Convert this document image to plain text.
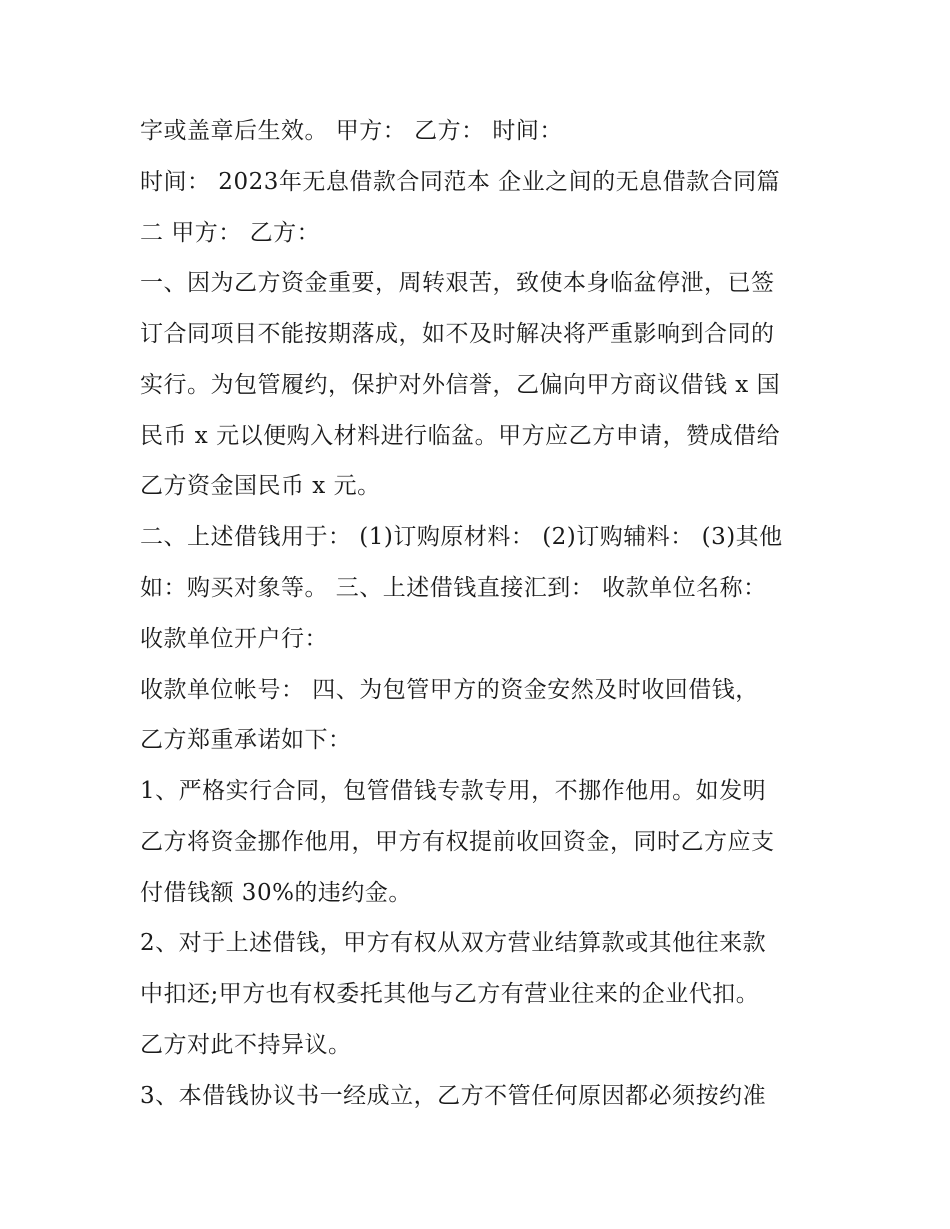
字或盖章后生效。 甲方： 乙方： 时间：
时间： 2023年无息借款合同范本 企业之间的无息借款合同篇
二 甲方： 乙方：
一、因为乙方资金重要，周转艰苦，致使本身临盆停泄，已签
订合同项目不能按期落成，如不及时解决将严重影响到合同的
实行。为包管履约，保护对外信誉，乙偏向甲方商议借钱 x 国
民币 x 元以便购入材料进行临盆。甲方应乙方申请，赞成借给
乙方资金国民币 x 元。
二、上述借钱用于： (1)订购原材料： (2)订购辅料： (3)其他
如：购买对象等。 三、上述借钱直接汇到： 收款单位名称：
收款单位开户行：
收款单位帐号： 四、为包管甲方的资金安然及时收回借钱，
乙方郑重承诺如下：
1、严格实行合同，包管借钱专款专用，不挪作他用。如发明
乙方将资金挪作他用，甲方有权提前收回资金，同时乙方应支
付借钱额 30%的违约金。
2、对于上述借钱，甲方有权从双方营业结算款或其他往来款
中扣还;甲方也有权委托其他与乙方有营业往来的企业代扣。
乙方对此不持异议。
3、本借钱协议书一经成立，乙方不管任何原因都必须按约准
